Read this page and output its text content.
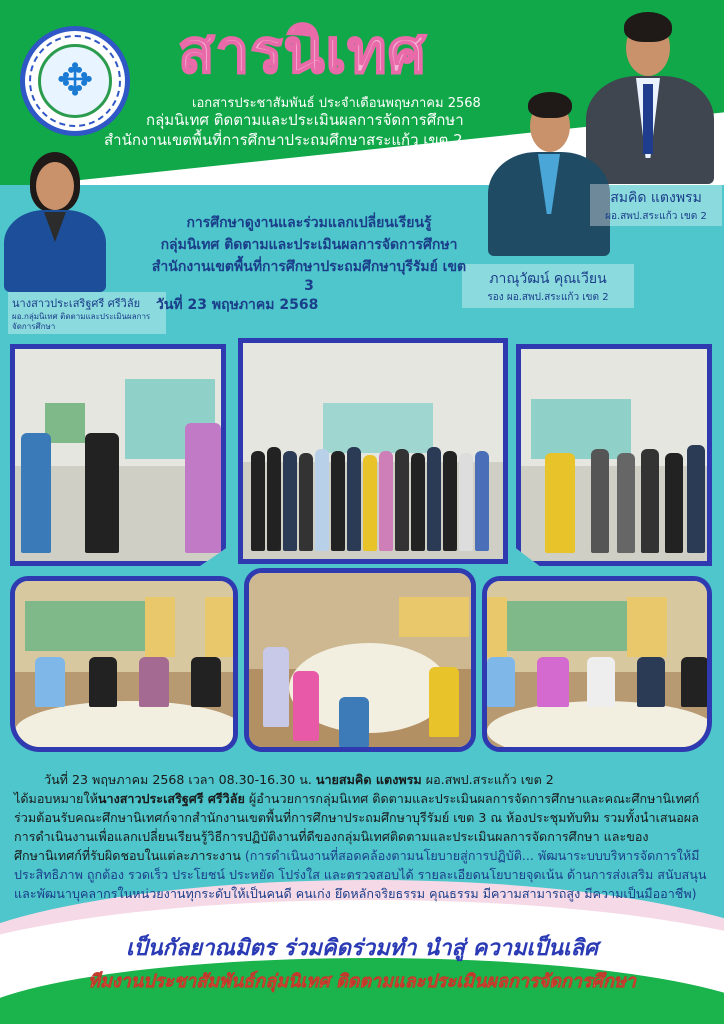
✥	สารนิเทศ
เอกสารประชาสัมพันธ์ ประจำเดือนพฤษภาคม 2568
กลุ่มนิเทศ ติดตามและประเมินผลการจัดการศึกษา
สำนักงานเขตพื้นที่การศึกษาประถมศึกษาสระแก้ว เขต 2
สมคิด แตงพรม
ผอ.สพป.สระแก้ว เขต 2
ภาณุวัฒน์ คุณเวียน
รอง ผอ.สพป.สระแก้ว เขต 2
นางสาวประเสริฐศรี ศรีวิลัย
ผอ.กลุ่มนิเทศ ติดตามและประเมินผลการจัดการศึกษา
การศึกษาดูงานและร่วมแลกเปลี่ยนเรียนรู้
กลุ่มนิเทศ ติดตามและประเมินผลการจัดการศึกษา
สำนักงานเขตพื้นที่การศึกษาประถมศึกษาบุรีรัมย์ เขต 3
วันที่ 23 พฤษภาคม 2568
วันที่ 23 พฤษภาคม 2568 เวลา 08.30-16.30 น. นายสมคิด แตงพรม ผอ.สพป.สระแก้ว เขต 2
ได้มอบหมายให้นางสาวประเสริฐศรี ศรีวิลัย ผู้อำนวยการกลุ่มนิเทศ ติดตามและประเมินผลการจัดการศึกษาและคณะศึกษานิเทศก์ ร่วมต้อนรับคณะศึกษานิเทศก์จากสำนักงานเขตพื้นที่การศึกษาประถมศึกษาบุรีรัมย์ เขต 3 ณ ห้องประชุมทับทิม รวมทั้งนำเสนอผลการดำเนินงานเพื่อแลกเปลี่ยนเรียนรู้วิธีการปฏิบัติงานที่ดีของกลุ่มนิเทศติดตามและประเมินผลการจัดการศึกษา และของศึกษานิเทศก์ที่รับผิดชอบในแต่ละภาระงาน (การดำเนินงานที่สอดคล้องตามนโยบายสู่การปฏิบัติ... พัฒนาระบบบริหารจัดการให้มีประสิทธิภาพ ถูกต้อง รวดเร็ว ประโยชน์ ประหยัด โปร่งใส และตรวจสอบได้ รายละเอียดนโยบายจุดเน้น ด้านการส่งเสริม สนับสนุน และพัฒนาบุคลากรในหน่วยงานทุกระดับให้เป็นคนดี คนเก่ง ยึดหลักจริยธรรม คุณธรรม มีความสามารถสูง มีความเป็นมืออาชีพ)
เป็นกัลยาณมิตร ร่วมคิดร่วมทำ นำสู่ ความเป็นเลิศ
ทีมงานประชาสัมพันธ์กลุ่มนิเทศ ติดตามและประเมินผลการจัดการศึกษา
